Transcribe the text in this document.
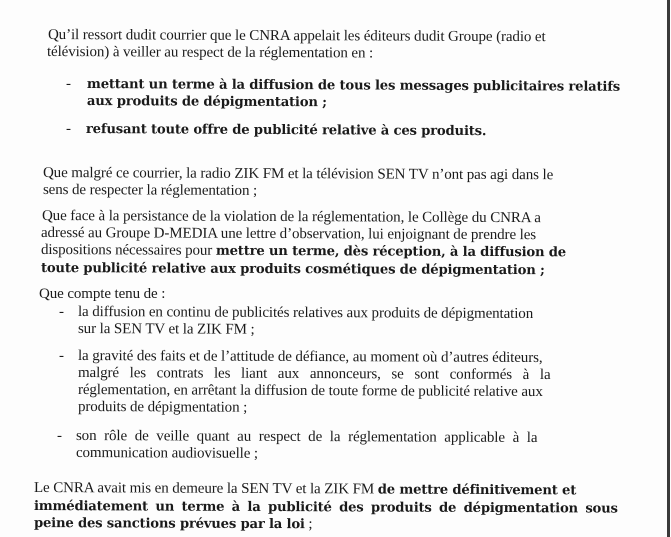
Qu’il ressort dudit courrier que le CNRA appelait les éditeurs dudit Groupe (radio et
télévision) à veiller au respect de la réglementation en :
- mettant un terme à la diffusion de tous les messages publicitaires relatifs
aux produits de dépigmentation ;
- refusant toute offre de publicité relative à ces produits.
Que malgré ce courrier, la radio ZIK FM et la télévision SEN TV n’ont pas agi dans le
sens de respecter la réglementation ;
Que face à la persistance de la violation de la réglementation, le Collège du CNRA a
adressé au Groupe D-MEDIA une lettre d’observation, lui enjoignant de prendre les
dispositions nécessaires pour mettre un terme, dès réception, à la diffusion de
toute publicité relative aux produits cosmétiques de dépigmentation ;
Que compte tenu de :
- la diffusion en continu de publicités relatives aux produits de dépigmentation
sur la SEN TV et la ZIK FM ;
- la gravité des faits et de l’attitude de défiance, au moment où d’autres éditeurs,
malgré les contrats les liant aux annonceurs, se sont conformés à la
réglementation, en arrêtant la diffusion de toute forme de publicité relative aux
produits de dépigmentation ;
- son rôle de veille quant au respect de la réglementation applicable à la
communication audiovisuelle ;
Le CNRA avait mis en demeure la SEN TV et la ZIK FM de mettre définitivement et
immédiatement un terme à la publicité des produits de dépigmentation sous
peine des sanctions prévues par la loi ;
